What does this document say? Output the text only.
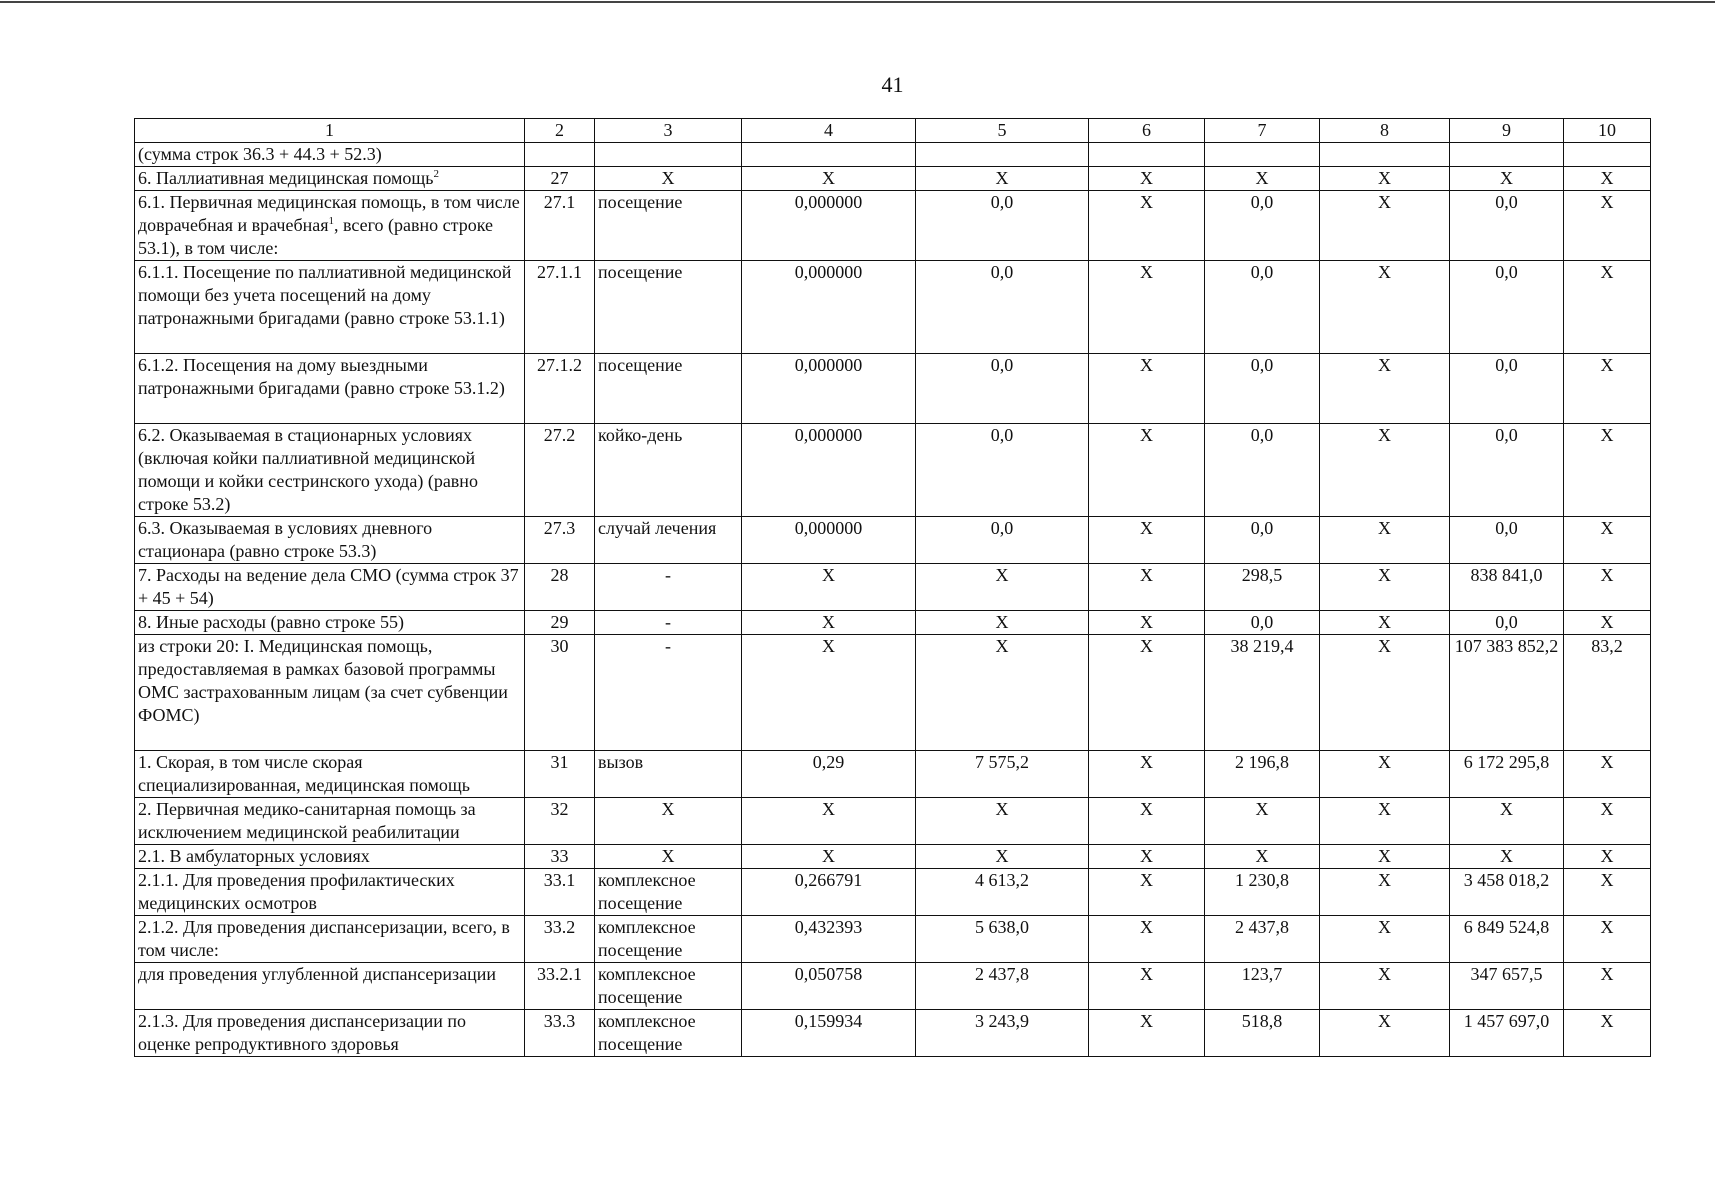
41
1	2	3	4	5	6	7	8	9	10
(сумма строк 36.3 + 44.3 + 52.3)									
6. Паллиативная медицинская помощь$^2$	27	Х	Х	Х	Х	Х	Х	Х	Х
6.1. Первичная медицинская помощь, в том числе доврачебная и врачебная$^1$, всего (равно строке 53.1), в том числе:	27.1	посещение	0,000000	0,0	Х	0,0	Х	0,0	Х
6.1.1. Посещение по паллиативной медицинской помощи без учета посещений на дому патронажными бригадами (равно строке 53.1.1)	27.1.1	посещение	0,000000	0,0	Х	0,0	Х	0,0	Х
6.1.2. Посещения на дому выездными патронажными бригадами (равно строке 53.1.2)	27.1.2	посещение	0,000000	0,0	Х	0,0	Х	0,0	Х
6.2. Оказываемая в стационарных условиях (включая койки паллиативной медицинской помощи и койки сестринского ухода) (равно строке 53.2)	27.2	койко-день	0,000000	0,0	Х	0,0	Х	0,0	Х
6.3. Оказываемая в условиях дневного стационара (равно строке 53.3)	27.3	случай лечения	0,000000	0,0	Х	0,0	Х	0,0	Х
7. Расходы на ведение дела СМО (сумма строк 37 + 45 + 54)	28	-	Х	Х	Х	298,5	Х	838 841,0	Х
8. Иные расходы (равно строке 55)	29	-	Х	Х	Х	0,0	Х	0,0	Х
из строки 20: I. Медицинская помощь, предоставляемая в рамках базовой программы ОМС застрахованным лицам (за счет субвенции ФОМС)	30	-	Х	Х	Х	38 219,4	Х	107 383 852,2	83,2
1. Скорая, в том числе скорая специализированная, медицинская помощь	31	вызов	0,29	7 575,2	Х	2 196,8	Х	6 172 295,8	Х
2. Первичная медико-санитарная помощь за исключением медицинской реабилитации	32	Х	Х	Х	Х	Х	Х	Х	Х
2.1. В амбулаторных условиях	33	Х	Х	Х	Х	Х	Х	Х	Х
2.1.1. Для проведения профилактических медицинских осмотров	33.1	комплексное посещение	0,266791	4 613,2	Х	1 230,8	Х	3 458 018,2	Х
2.1.2. Для проведения диспансеризации, всего, в том числе:	33.2	комплексное посещение	0,432393	5 638,0	Х	2 437,8	Х	6 849 524,8	Х
для проведения углубленной диспансеризации	33.2.1	комплексное посещение	0,050758	2 437,8	Х	123,7	Х	347 657,5	Х
2.1.3. Для проведения диспансеризации по оценке репродуктивного здоровья	33.3	комплексное посещение	0,159934	3 243,9	Х	518,8	Х	1 457 697,0	Х
